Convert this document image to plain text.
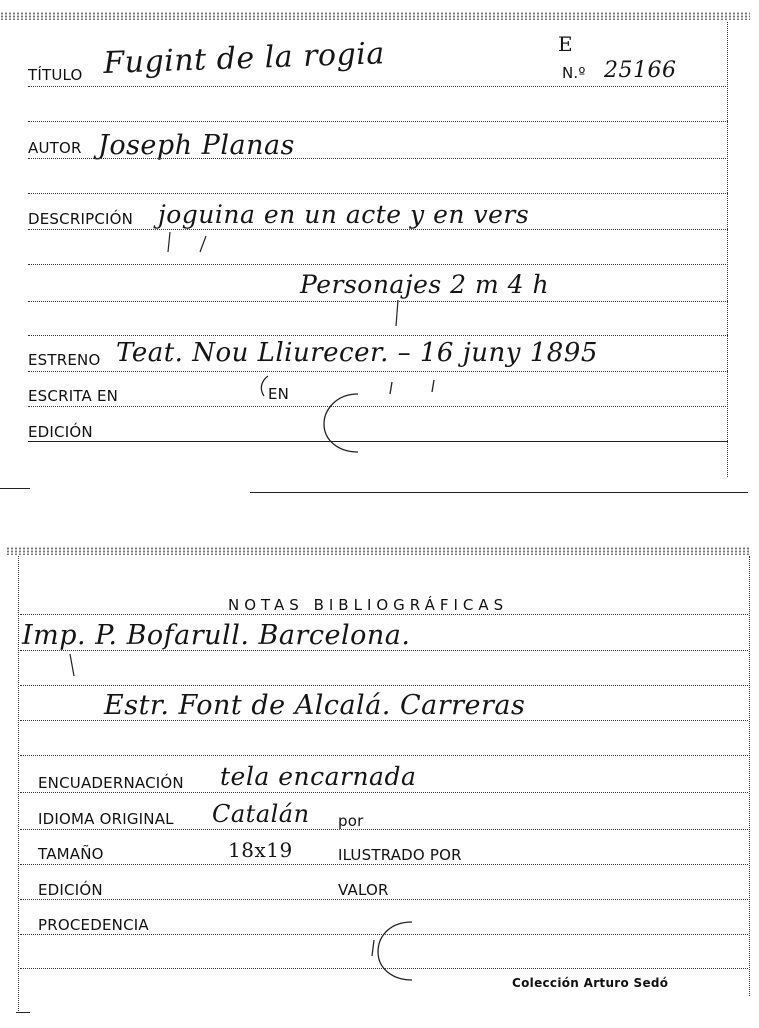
TÍTULO Fugint de la rogia	E
N.º 25166
AUTOR Joseph Planas
DESCRIPCIÓN joguina en un acte y en vers
Personajes 2 m 4 h
ESTRENO Teat. Nou Lliurecer. – 16 juny 1895
ESCRITA EN	EN
EDICIÓN
NOTAS BIBLIOGRÁFICAS
Imp. P. Bofarull. Barcelona.
Estr. Font de Alcalá. Carreras
ENCUADERNACIÓN tela encarnada
IDIOMA ORIGINAL Catalán por
TAMAÑO	18x19	ILUSTRADO POR
EDICIÓN	VALOR
PROCEDENCIA
Colección Arturo Sedó
